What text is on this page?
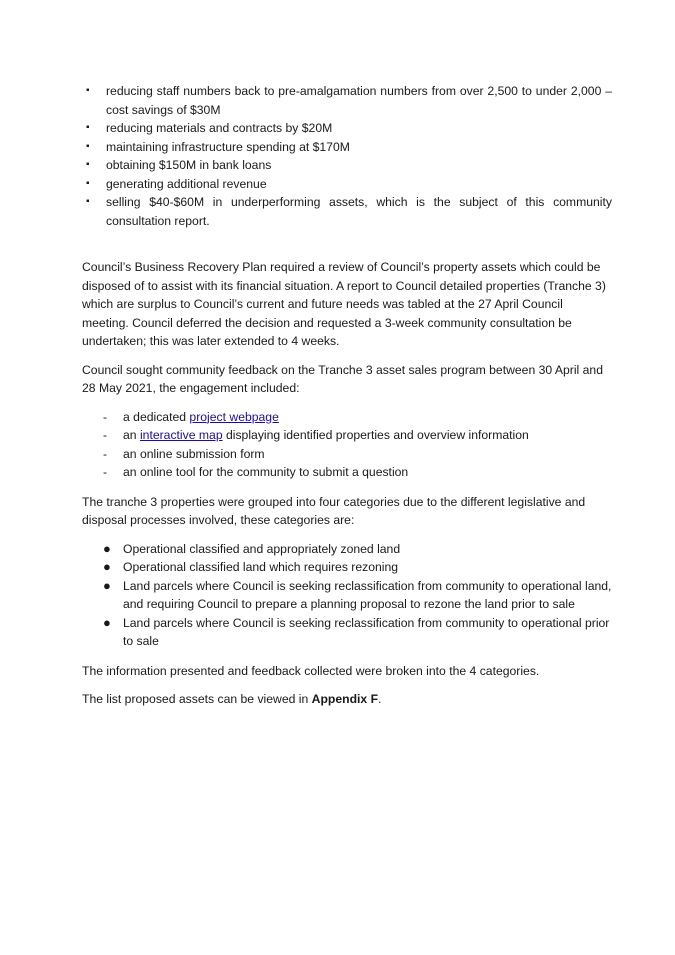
▪ reducing staff numbers back to pre-amalgamation numbers from over 2,500 to under 2,000 – cost savings of $30M
▪ reducing materials and contracts by $20M
▪ maintaining infrastructure spending at $170M
▪ obtaining $150M in bank loans
▪ generating additional revenue
▪ selling $40-$60M in underperforming assets, which is the subject of this community consultation report.

Council’s Business Recovery Plan required a review of Council’s property assets which could be disposed of to assist with its financial situation. A report to Council detailed properties (Tranche 3) which are surplus to Council’s current and future needs was tabled at the 27 April Council meeting. Council deferred the decision and requested a 3-week community consultation be undertaken; this was later extended to 4 weeks.

Council sought community feedback on the Tranche 3 asset sales program between 30 April and 28 May 2021, the engagement included:

- a dedicated project webpage
- an interactive map displaying identified properties and overview information
- an online submission form
- an online tool for the community to submit a question

The tranche 3 properties were grouped into four categories due to the different legislative and disposal processes involved, these categories are:

● Operational classified and appropriately zoned land
● Operational classified land which requires rezoning
● Land parcels where Council is seeking reclassification from community to operational land, and requiring Council to prepare a planning proposal to rezone the land prior to sale
● Land parcels where Council is seeking reclassification from community to operational prior to sale

The information presented and feedback collected were broken into the 4 categories.

The list proposed assets can be viewed in Appendix F.
